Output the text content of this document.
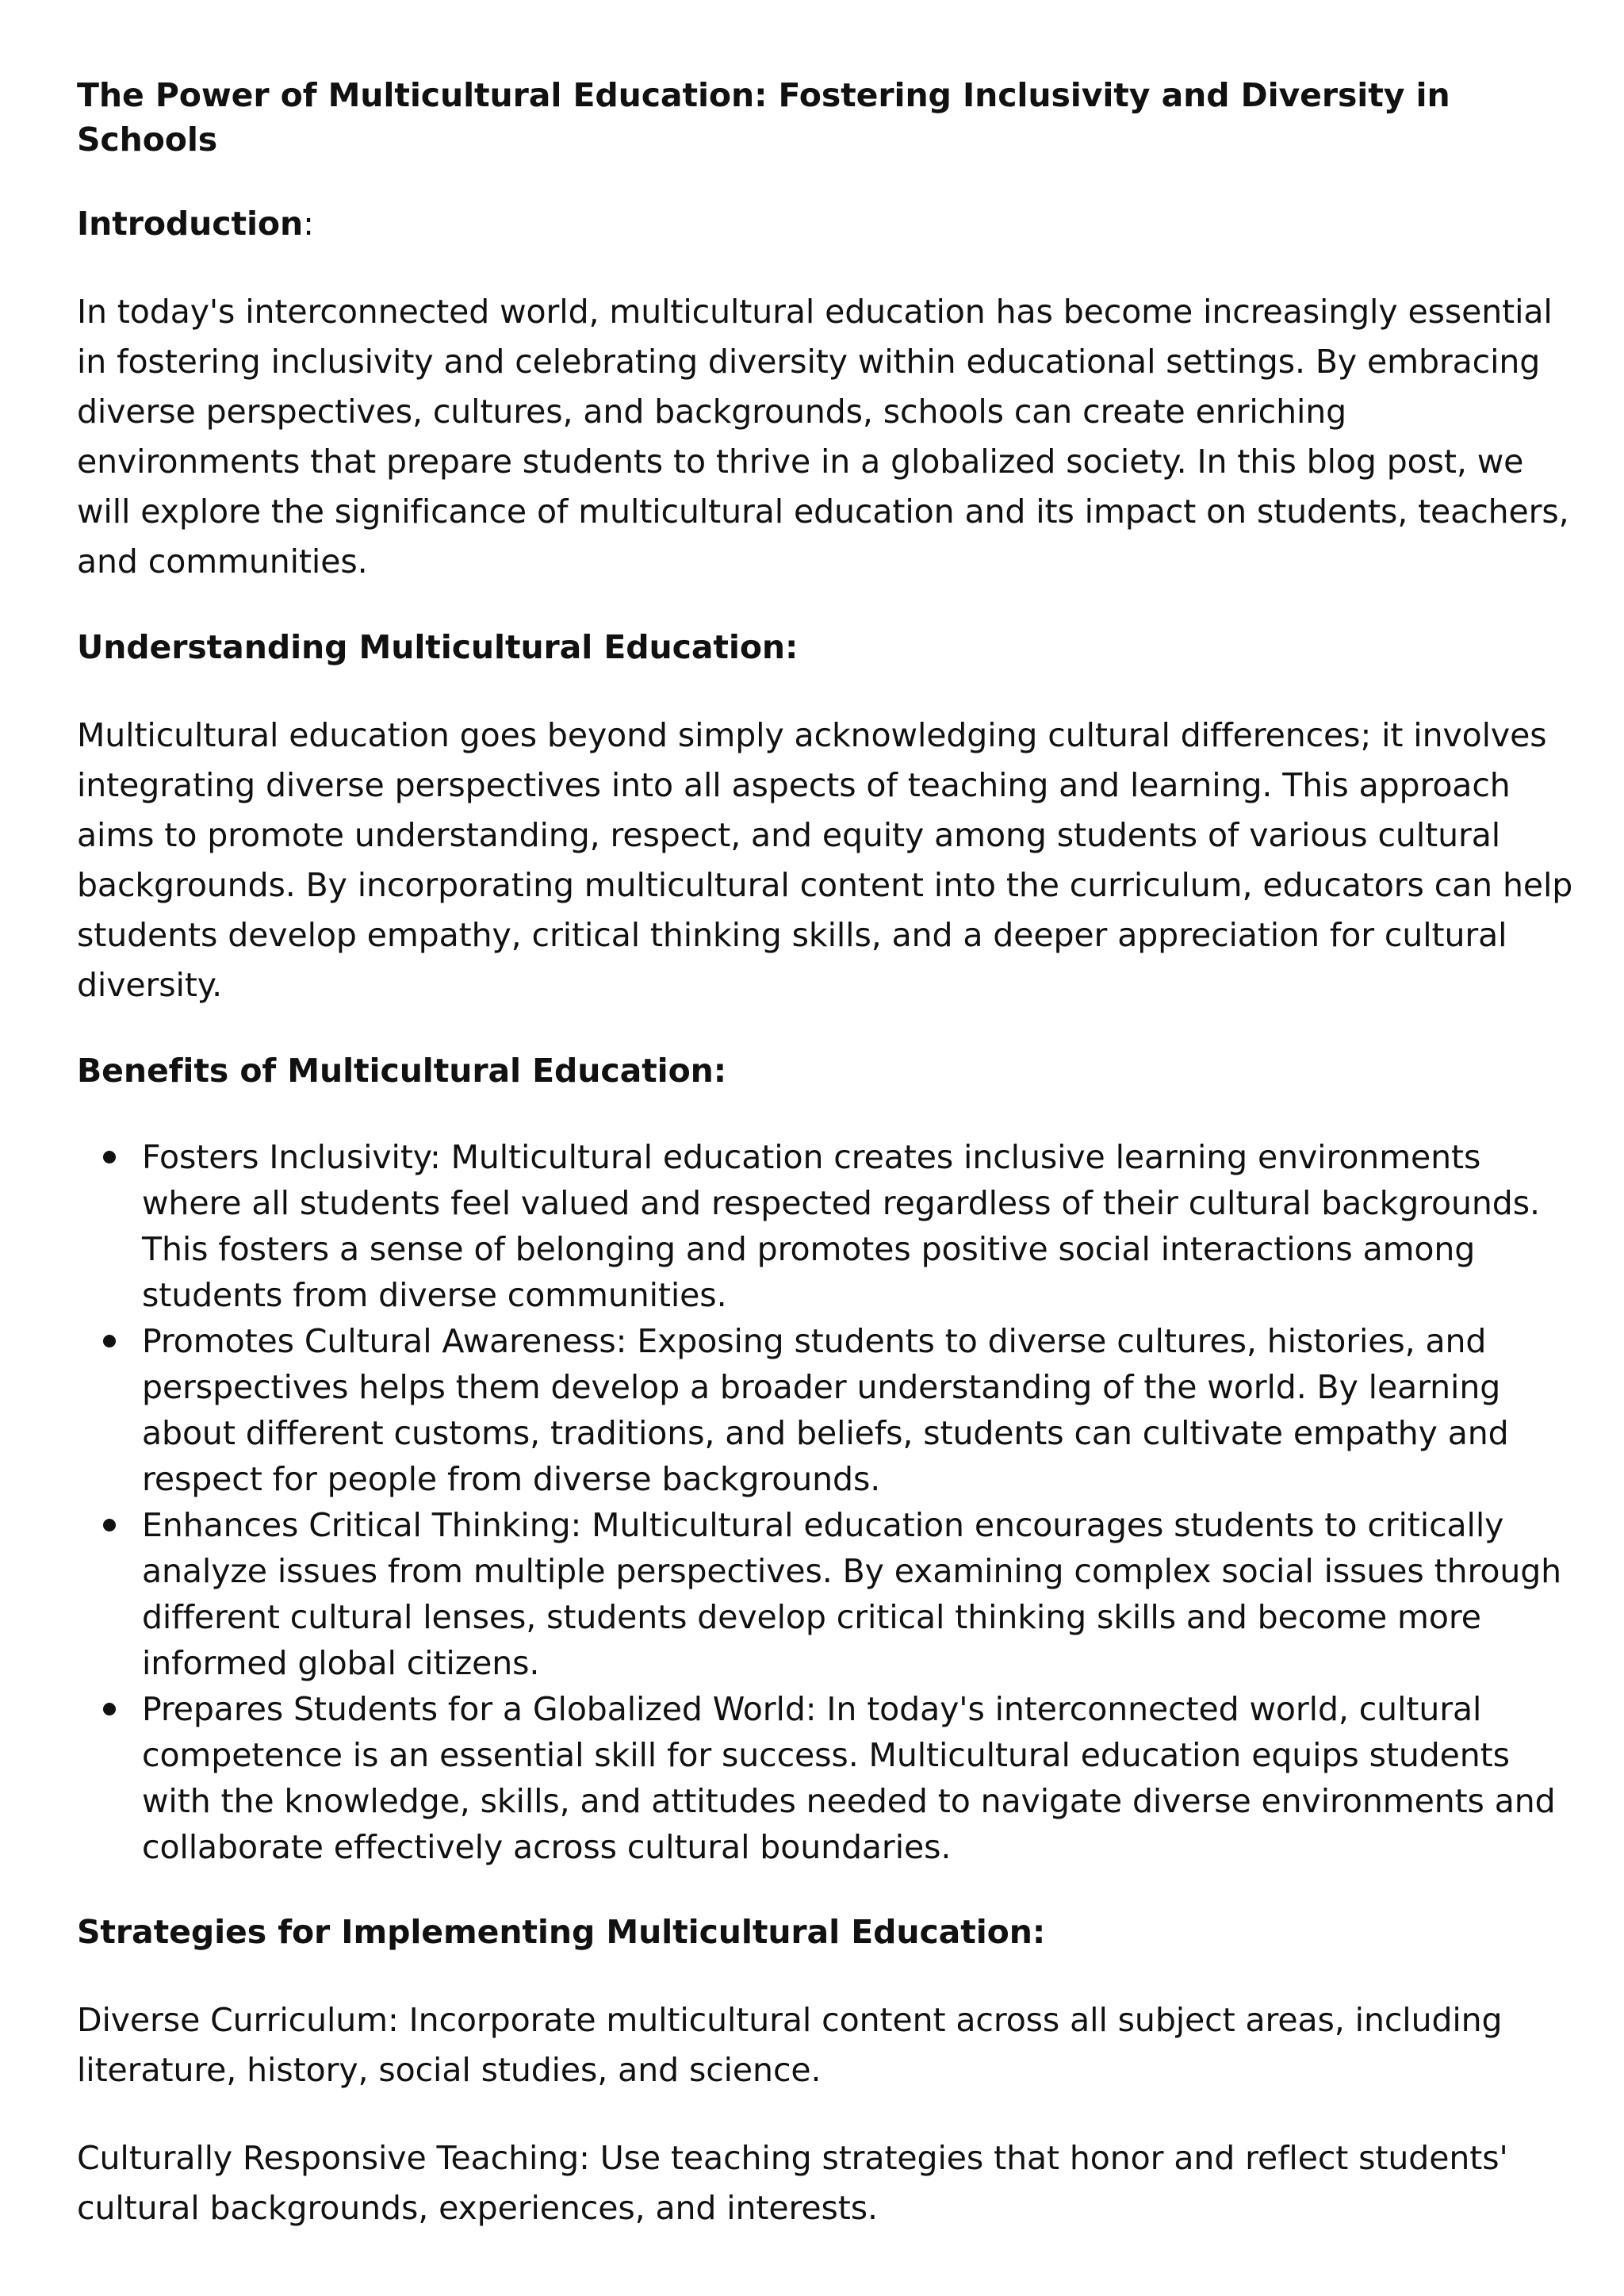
The Power of Multicultural Education: Fostering Inclusivity and Diversity in Schools
Introduction:

In today's interconnected world, multicultural education has become increasingly essential in fostering inclusivity and celebrating diversity within educational settings. By embracing diverse perspectives, cultures, and backgrounds, schools can create enriching environments that prepare students to thrive in a globalized society. In this blog post, we will explore the significance of multicultural education and its impact on students, teachers, and communities.

Understanding Multicultural Education:

Multicultural education goes beyond simply acknowledging cultural differences; it involves integrating diverse perspectives into all aspects of teaching and learning. This approach aims to promote understanding, respect, and equity among students of various cultural backgrounds. By incorporating multicultural content into the curriculum, educators can help students develop empathy, critical thinking skills, and a deeper appreciation for cultural diversity.

Benefits of Multicultural Education:
Fosters Inclusivity: Multicultural education creates inclusive learning environments where all students feel valued and respected regardless of their cultural backgrounds. This fosters a sense of belonging and promotes positive social interactions among students from diverse communities.
Promotes Cultural Awareness: Exposing students to diverse cultures, histories, and perspectives helps them develop a broader understanding of the world. By learning about different customs, traditions, and beliefs, students can cultivate empathy and respect for people from diverse backgrounds.
Enhances Critical Thinking: Multicultural education encourages students to critically analyze issues from multiple perspectives. By examining complex social issues through different cultural lenses, students develop critical thinking skills and become more informed global citizens.
Prepares Students for a Globalized World: In today's interconnected world, cultural competence is an essential skill for success. Multicultural education equips students with the knowledge, skills, and attitudes needed to navigate diverse environments and collaborate effectively across cultural boundaries.
Strategies for Implementing Multicultural Education:

Diverse Curriculum: Incorporate multicultural content across all subject areas, including literature, history, social studies, and science.

Culturally Responsive Teaching: Use teaching strategies that honor and reflect students' cultural backgrounds, experiences, and interests.
